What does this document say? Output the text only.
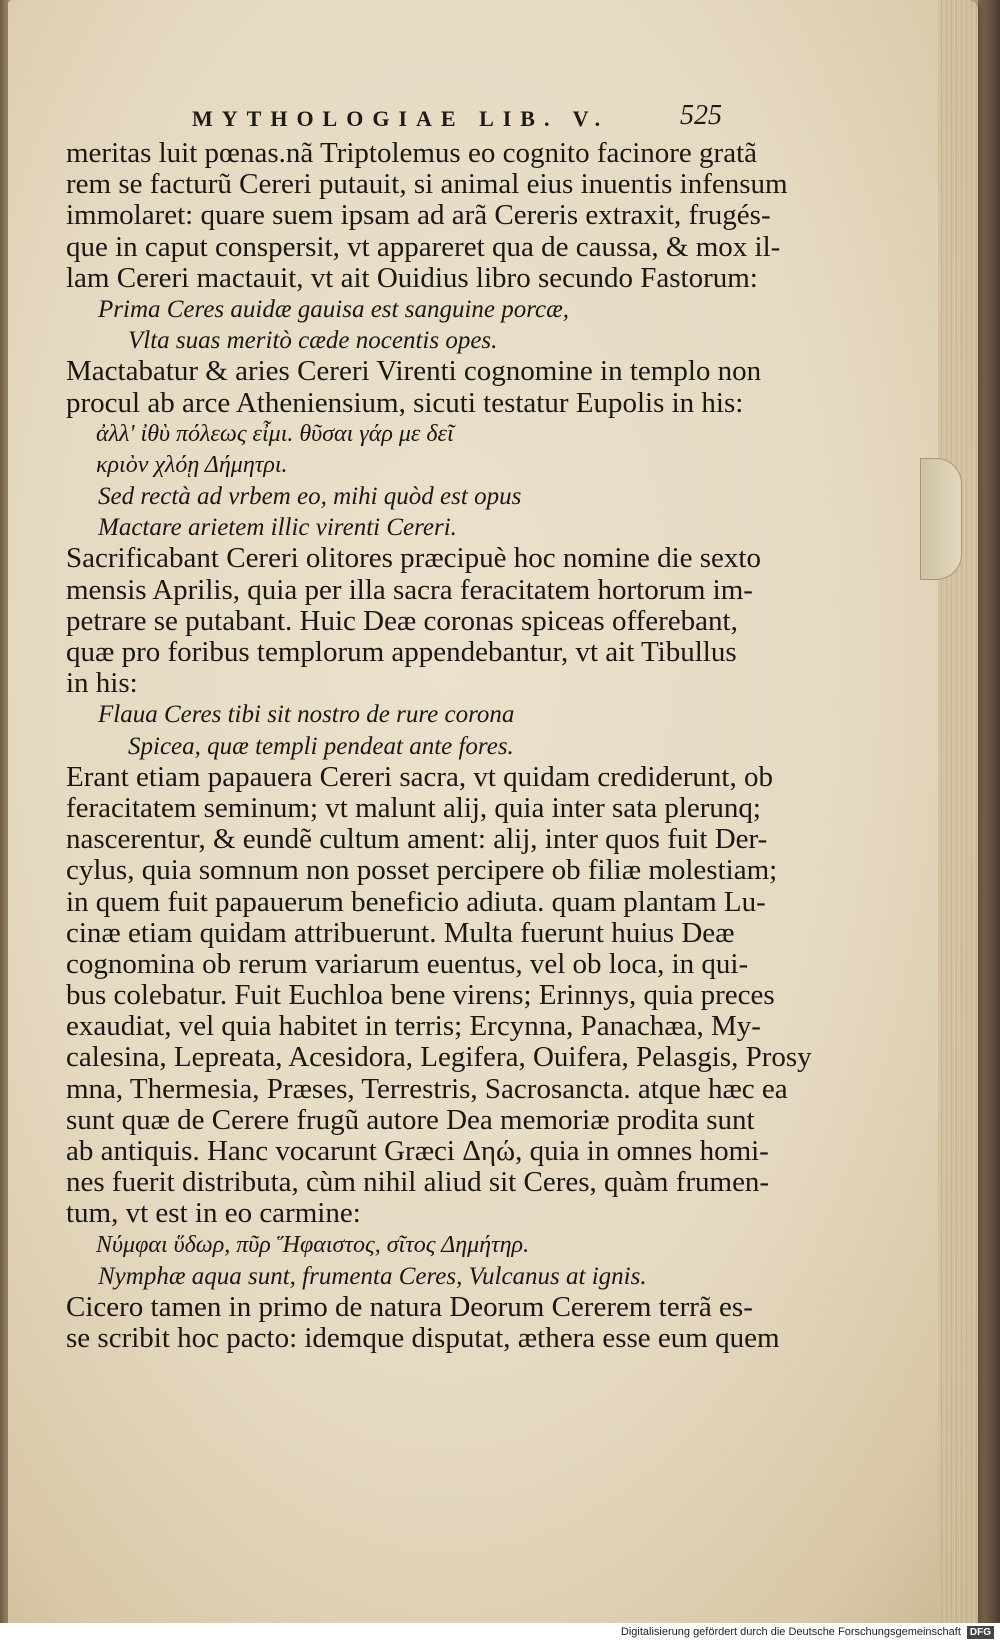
MYTHOLOGIAE LIB. V.	525
meritas luit pœnas.nã Triptolemus eo cognito facinore gratã
rem se facturũ Cereri putauit, si animal eius inuentis infensum
immolaret: quare suem ipsam ad arã Cereris extraxit, frugés-
que in caput conspersit, vt appareret qua de caussa, & mox il-
lam Cereri mactauit, vt ait Ouidius libro secundo Fastorum:
Prima Ceres auidæ gauisa est sanguine porcæ,
Vlta suas meritò cæde nocentis opes.
Mactabatur & aries Cereri Virenti cognomine in templo non
procul ab arce Atheniensium, sicuti testatur Eupolis in his:
ἀλλ' ἰθὺ πόλεως εἶμι. θῦσαι γάρ με δεῖ
κριὸν χλόῃ Δήμητρι.
Sed rectà ad vrbem eo, mihi quòd est opus
Mactare arietem illic virenti Cereri.
Sacrificabant Cereri olitores præcipuè hoc nomine die sexto
mensis Aprilis, quia per illa sacra feracitatem hortorum im-
petrare se putabant. Huic Deæ coronas spiceas offerebant,
quæ pro foribus templorum appendebantur, vt ait Tibullus
in his:
Flaua Ceres tibi sit nostro de rure corona
Spicea, quæ templi pendeat ante fores.
Erant etiam papauera Cereri sacra, vt quidam crediderunt, ob
feracitatem seminum; vt malunt alij, quia inter sata plerunq;
nascerentur, & eundẽ cultum ament: alij, inter quos fuit Der-
cylus, quia somnum non posset percipere ob filiæ molestiam;
in quem fuit papauerum beneficio adiuta. quam plantam Lu-
cinæ etiam quidam attribuerunt. Multa fuerunt huius Deæ
cognomina ob rerum variarum euentus, vel ob loca, in qui-
bus colebatur. Fuit Euchloa bene virens; Erinnys, quia preces
exaudiat, vel quia habitet in terris; Ercynna, Panachæa, My-
calesina, Lepreata, Acesidora, Legifera, Ouifera, Pelasgis, Prosy
mna, Thermesia, Præses, Terrestris, Sacrosancta. atque hæc ea
sunt quæ de Cerere frugũ autore Dea memoriæ prodita sunt
ab antiquis. Hanc vocarunt Græci Δηώ, quia in omnes homi-
nes fuerit distributa, cùm nihil aliud sit Ceres, quàm frumen-
tum, vt est in eo carmine:
Νύμφαι ὕδωρ, πῦρ Ἥφαιστος, σῖτος Δημήτηρ.
Nymphæ aqua sunt, frumenta Ceres, Vulcanus at ignis.
Cicero tamen in primo de natura Deorum Cererem terrã es-
se scribit hoc pacto: idemque disputat, æthera esse eum quem
Digitalisierung gefördert durch die Deutsche Forschungsgemeinschaft DFG
